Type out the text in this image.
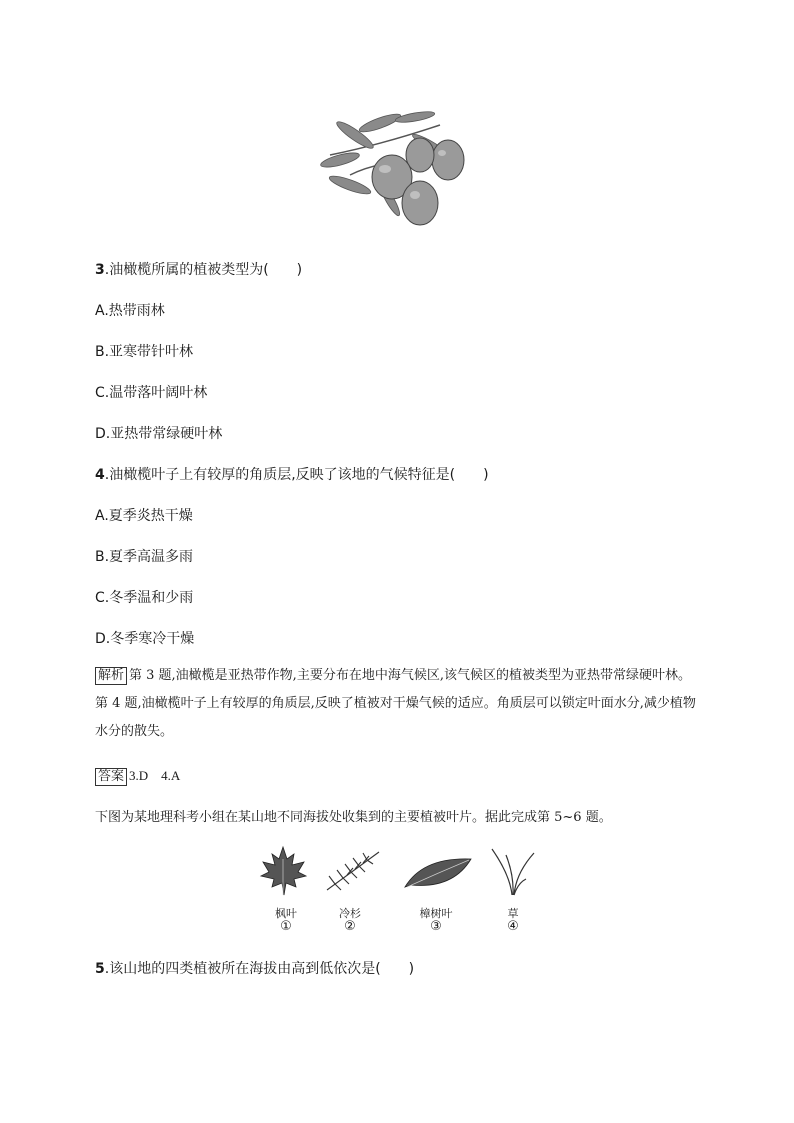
3.油橄榄所属的植被类型为(　　)
A.热带雨林
B.亚寒带针叶林
C.温带落叶阔叶林
D.亚热带常绿硬叶林
4.油橄榄叶子上有较厚的角质层,反映了该地的气候特征是(　　)
A.夏季炎热干燥
B.夏季高温多雨
C.冬季温和少雨
D.冬季寒冷干燥
解析 第 3 题,油橄榄是亚热带作物,主要分布在地中海气候区,该气候区的植被类型为亚热带常绿硬叶林。第 4 题,油橄榄叶子上有较厚的角质层,反映了植被对干燥气候的适应。角质层可以锁定叶面水分,减少植物水分的散失。
答案 3.D　4.A
下图为某地理科考小组在某山地不同海拔处收集到的主要植被叶片。据此完成第 5~6 题。
枫叶
①
冷杉
②
樟树叶
③
草
④
5.该山地的四类植被所在海拔由高到低依次是(　　)
